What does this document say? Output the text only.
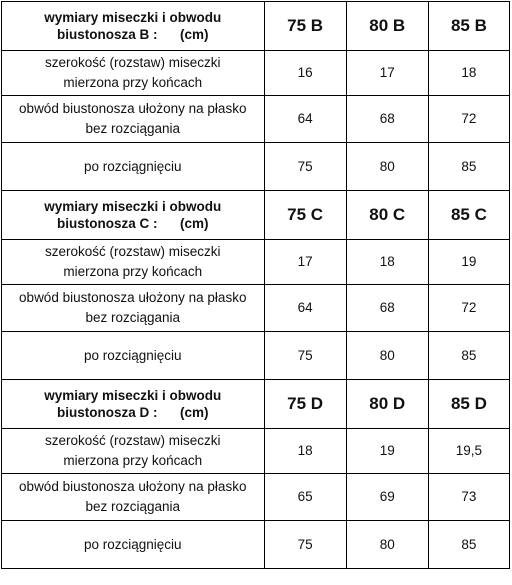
wymiary miseczki i obwodu
biustonosza B :      (cm)	75 B	80 B	85 B

szerokość (rozstaw) miseczki
mierzona przy końcach	16	17	18

obwód biustonosza ułożony na płasko
bez rozciągania	64	68	72

po rozciągnięciu	75	80	85

wymiary miseczki i obwodu
biustonosza C :      (cm)	75 C	80 C	85 C

szerokość (rozstaw) miseczki
mierzona przy końcach	17	18	19

obwód biustonosza ułożony na płasko
bez rozciągania	64	68	72

po rozciągnięciu	75	80	85

wymiary miseczki i obwodu
biustonosza D :      (cm)	75 D	80 D	85 D

szerokość (rozstaw) miseczki
mierzona przy końcach	18	19	19,5

obwód biustonosza ułożony na płasko
bez rozciągania	65	69	73

po rozciągnięciu	75	80	85
